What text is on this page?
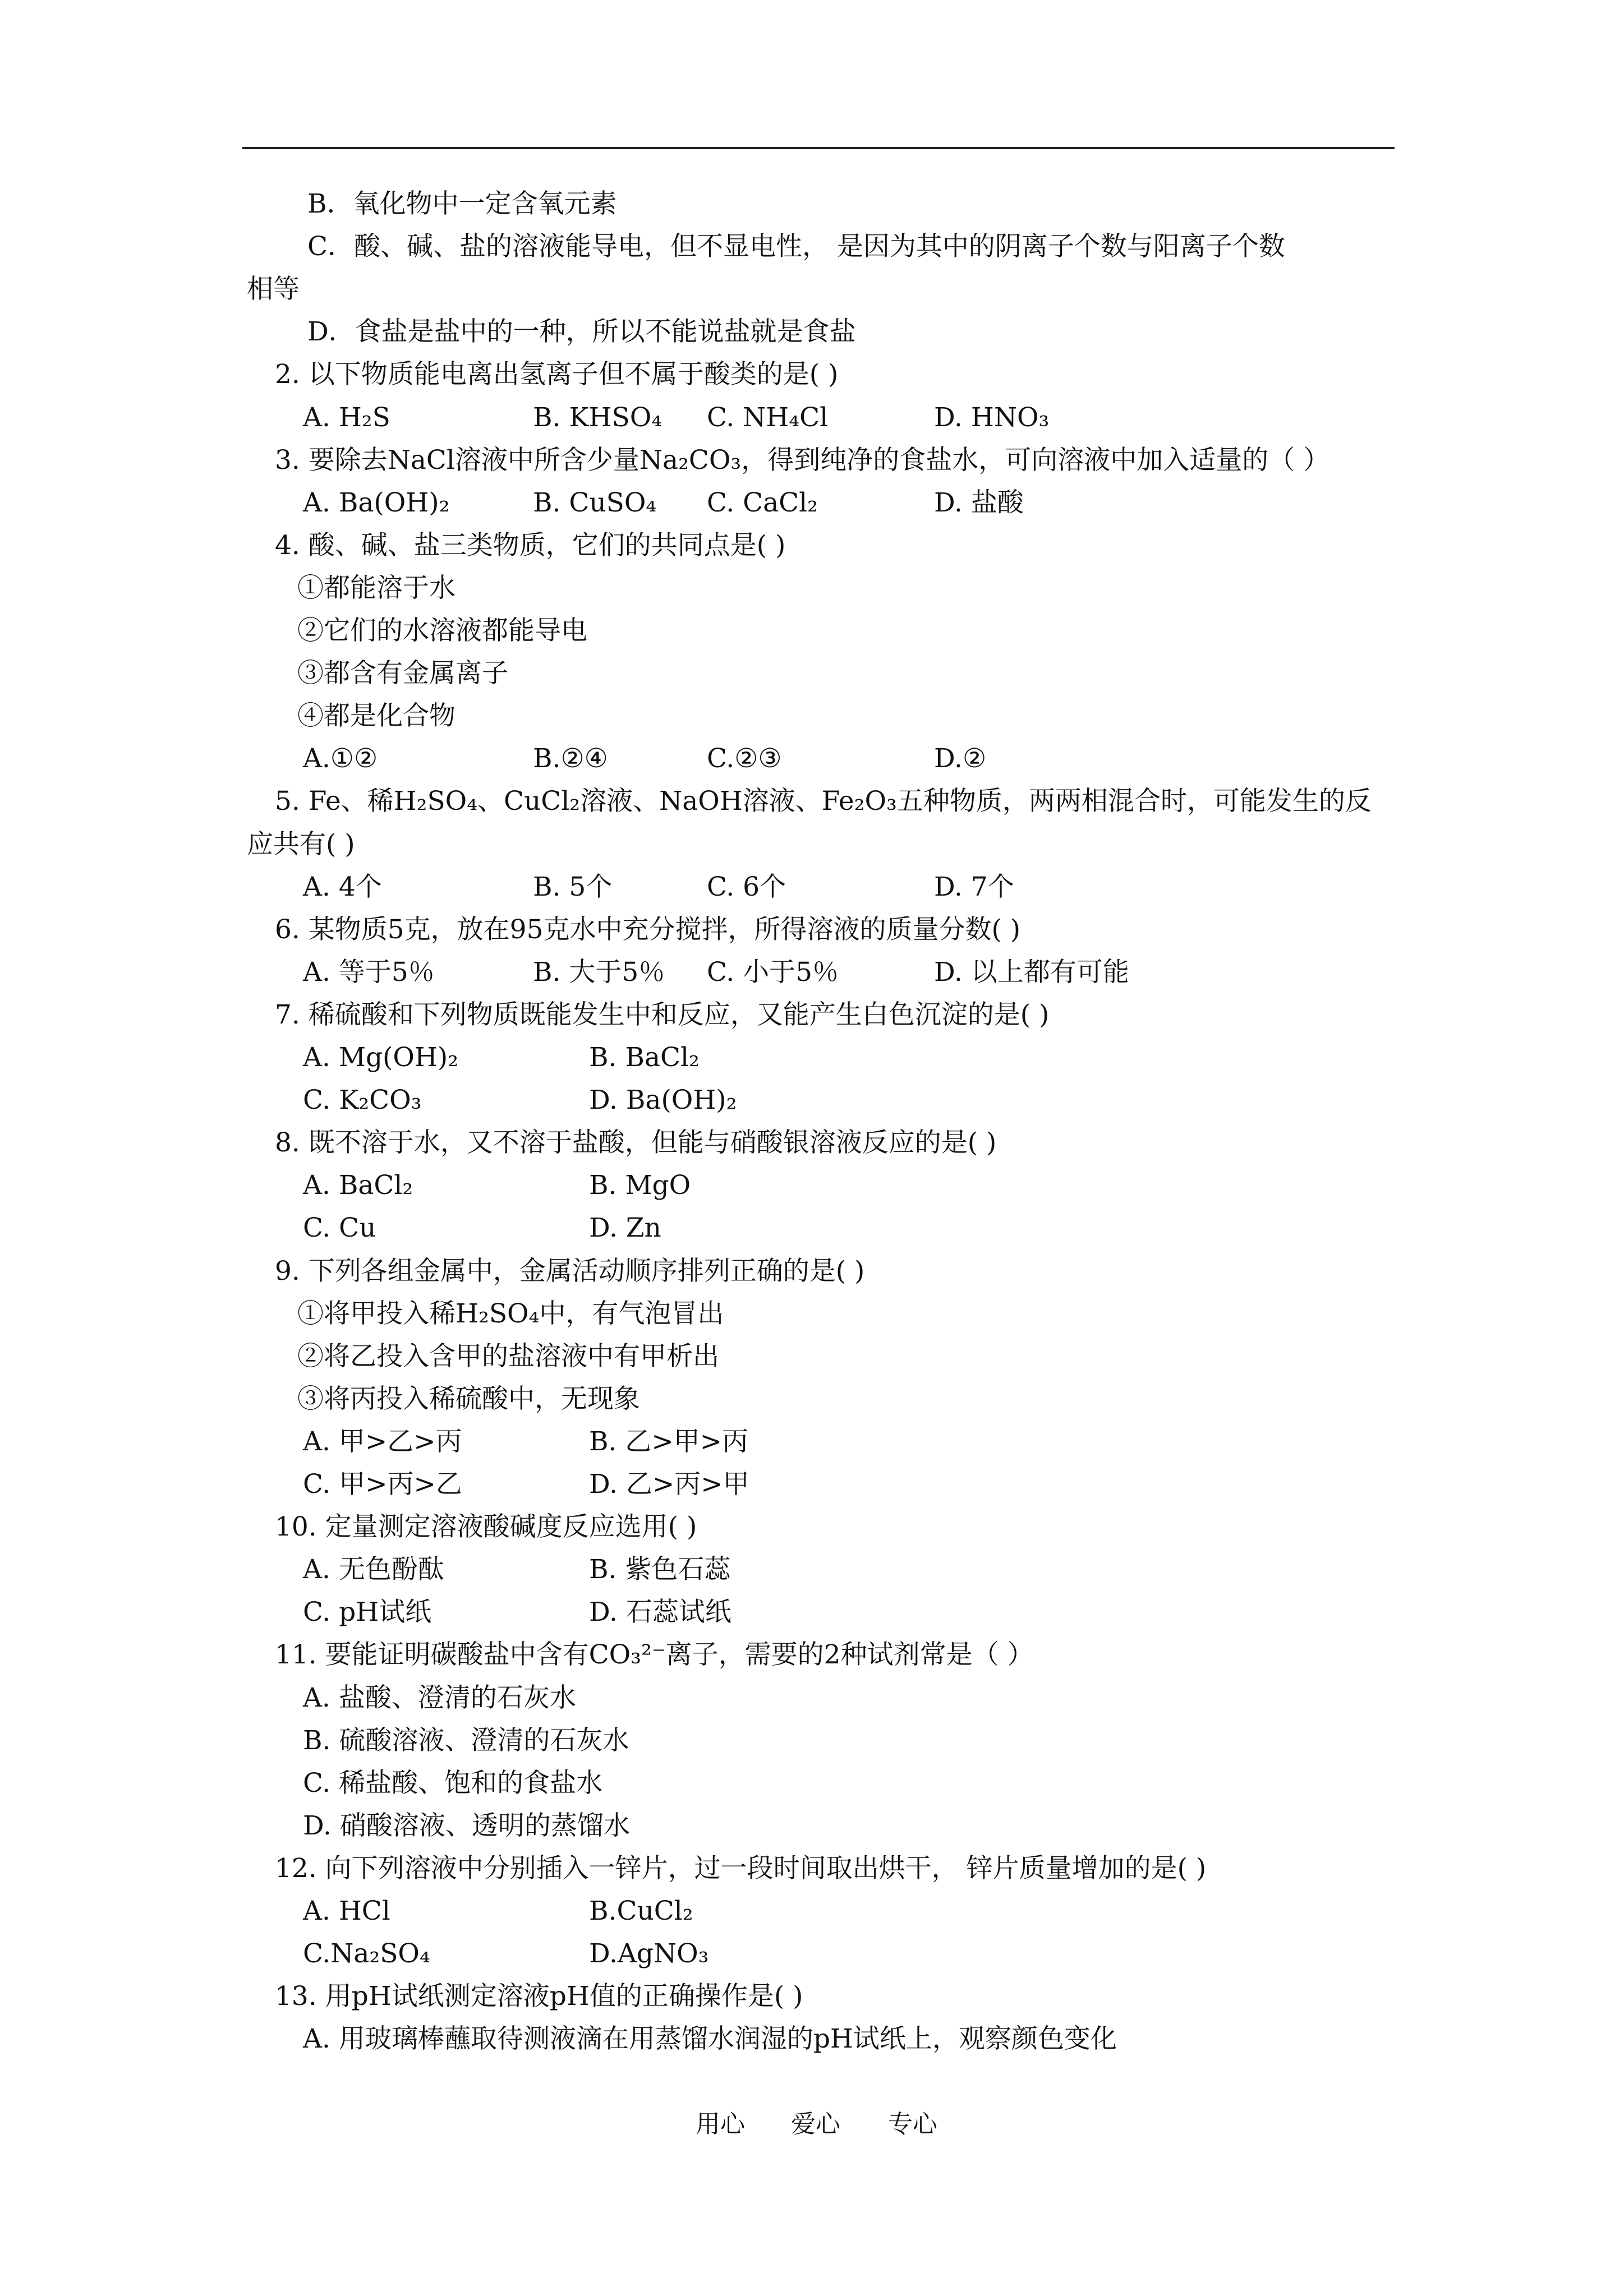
B．氧化物中一定含氧元素
C．酸、碱、盐的溶液能导电，但不显电性， 是因为其中的阴离子个数与阳离子个数
相等
D．食盐是盐中的一种，所以不能说盐就是食盐
2. 以下物质能电离出氢离子但不属于酸类的是( )
A. H₂S	B. KHSO₄ C. NH₄Cl	D. HNO₃
3. 要除去NaCl溶液中所含少量Na₂CO₃，得到纯净的食盐水，可向溶液中加入适量的（ ）
A. Ba(OH)₂	B. CuSO₄ C. CaCl₂	D. 盐酸
4. 酸、碱、盐三类物质，它们的共同点是( )
①都能溶于水
②它们的水溶液都能导电
③都含有金属离子
④都是化合物
A.①②	B.②④	C.②③	D.②
5. Fe、稀H₂SO₄、CuCl₂溶液、NaOH溶液、Fe₂O₃五种物质，两两相混合时，可能发生的反
应共有( )
A. 4个	B. 5个	C. 6个	D. 7个
6. 某物质5克，放在95克水中充分搅拌，所得溶液的质量分数( )
A. 等于5％	B. 大于5％ C. 小于5％	D. 以上都有可能
7. 稀硫酸和下列物质既能发生中和反应，又能产生白色沉淀的是( )
A. Mg(OH)₂	B. BaCl₂
C. K₂CO₃	D. Ba(OH)₂
8. 既不溶于水，又不溶于盐酸，但能与硝酸银溶液反应的是( )
A. BaCl₂	B. MgO
C. Cu	D. Zn
9. 下列各组金属中，金属活动顺序排列正确的是( )
①将甲投入稀H₂SO₄中，有气泡冒出
②将乙投入含甲的盐溶液中有甲析出
③将丙投入稀硫酸中，无现象
A. 甲>乙>丙	B. 乙>甲>丙
C. 甲>丙>乙	D. 乙>丙>甲
10. 定量测定溶液酸碱度反应选用( )
A. 无色酚酞	B. 紫色石蕊
C. pH试纸	D. 石蕊试纸
11. 要能证明碳酸盐中含有CO₃²⁻离子，需要的2种试剂常是（ ）
A. 盐酸、澄清的石灰水
B. 硫酸溶液、澄清的石灰水
C. 稀盐酸、饱和的食盐水
D. 硝酸溶液、透明的蒸馏水
12. 向下列溶液中分别插入一锌片，过一段时间取出烘干， 锌片质量增加的是( )
A. HCl	B.CuCl₂
C.Na₂SO₄	D.AgNO₃
13. 用pH试纸测定溶液pH值的正确操作是( )
A. 用玻璃棒蘸取待测液滴在用蒸馏水润湿的pH试纸上，观察颜色变化
用心 爱心 专心
